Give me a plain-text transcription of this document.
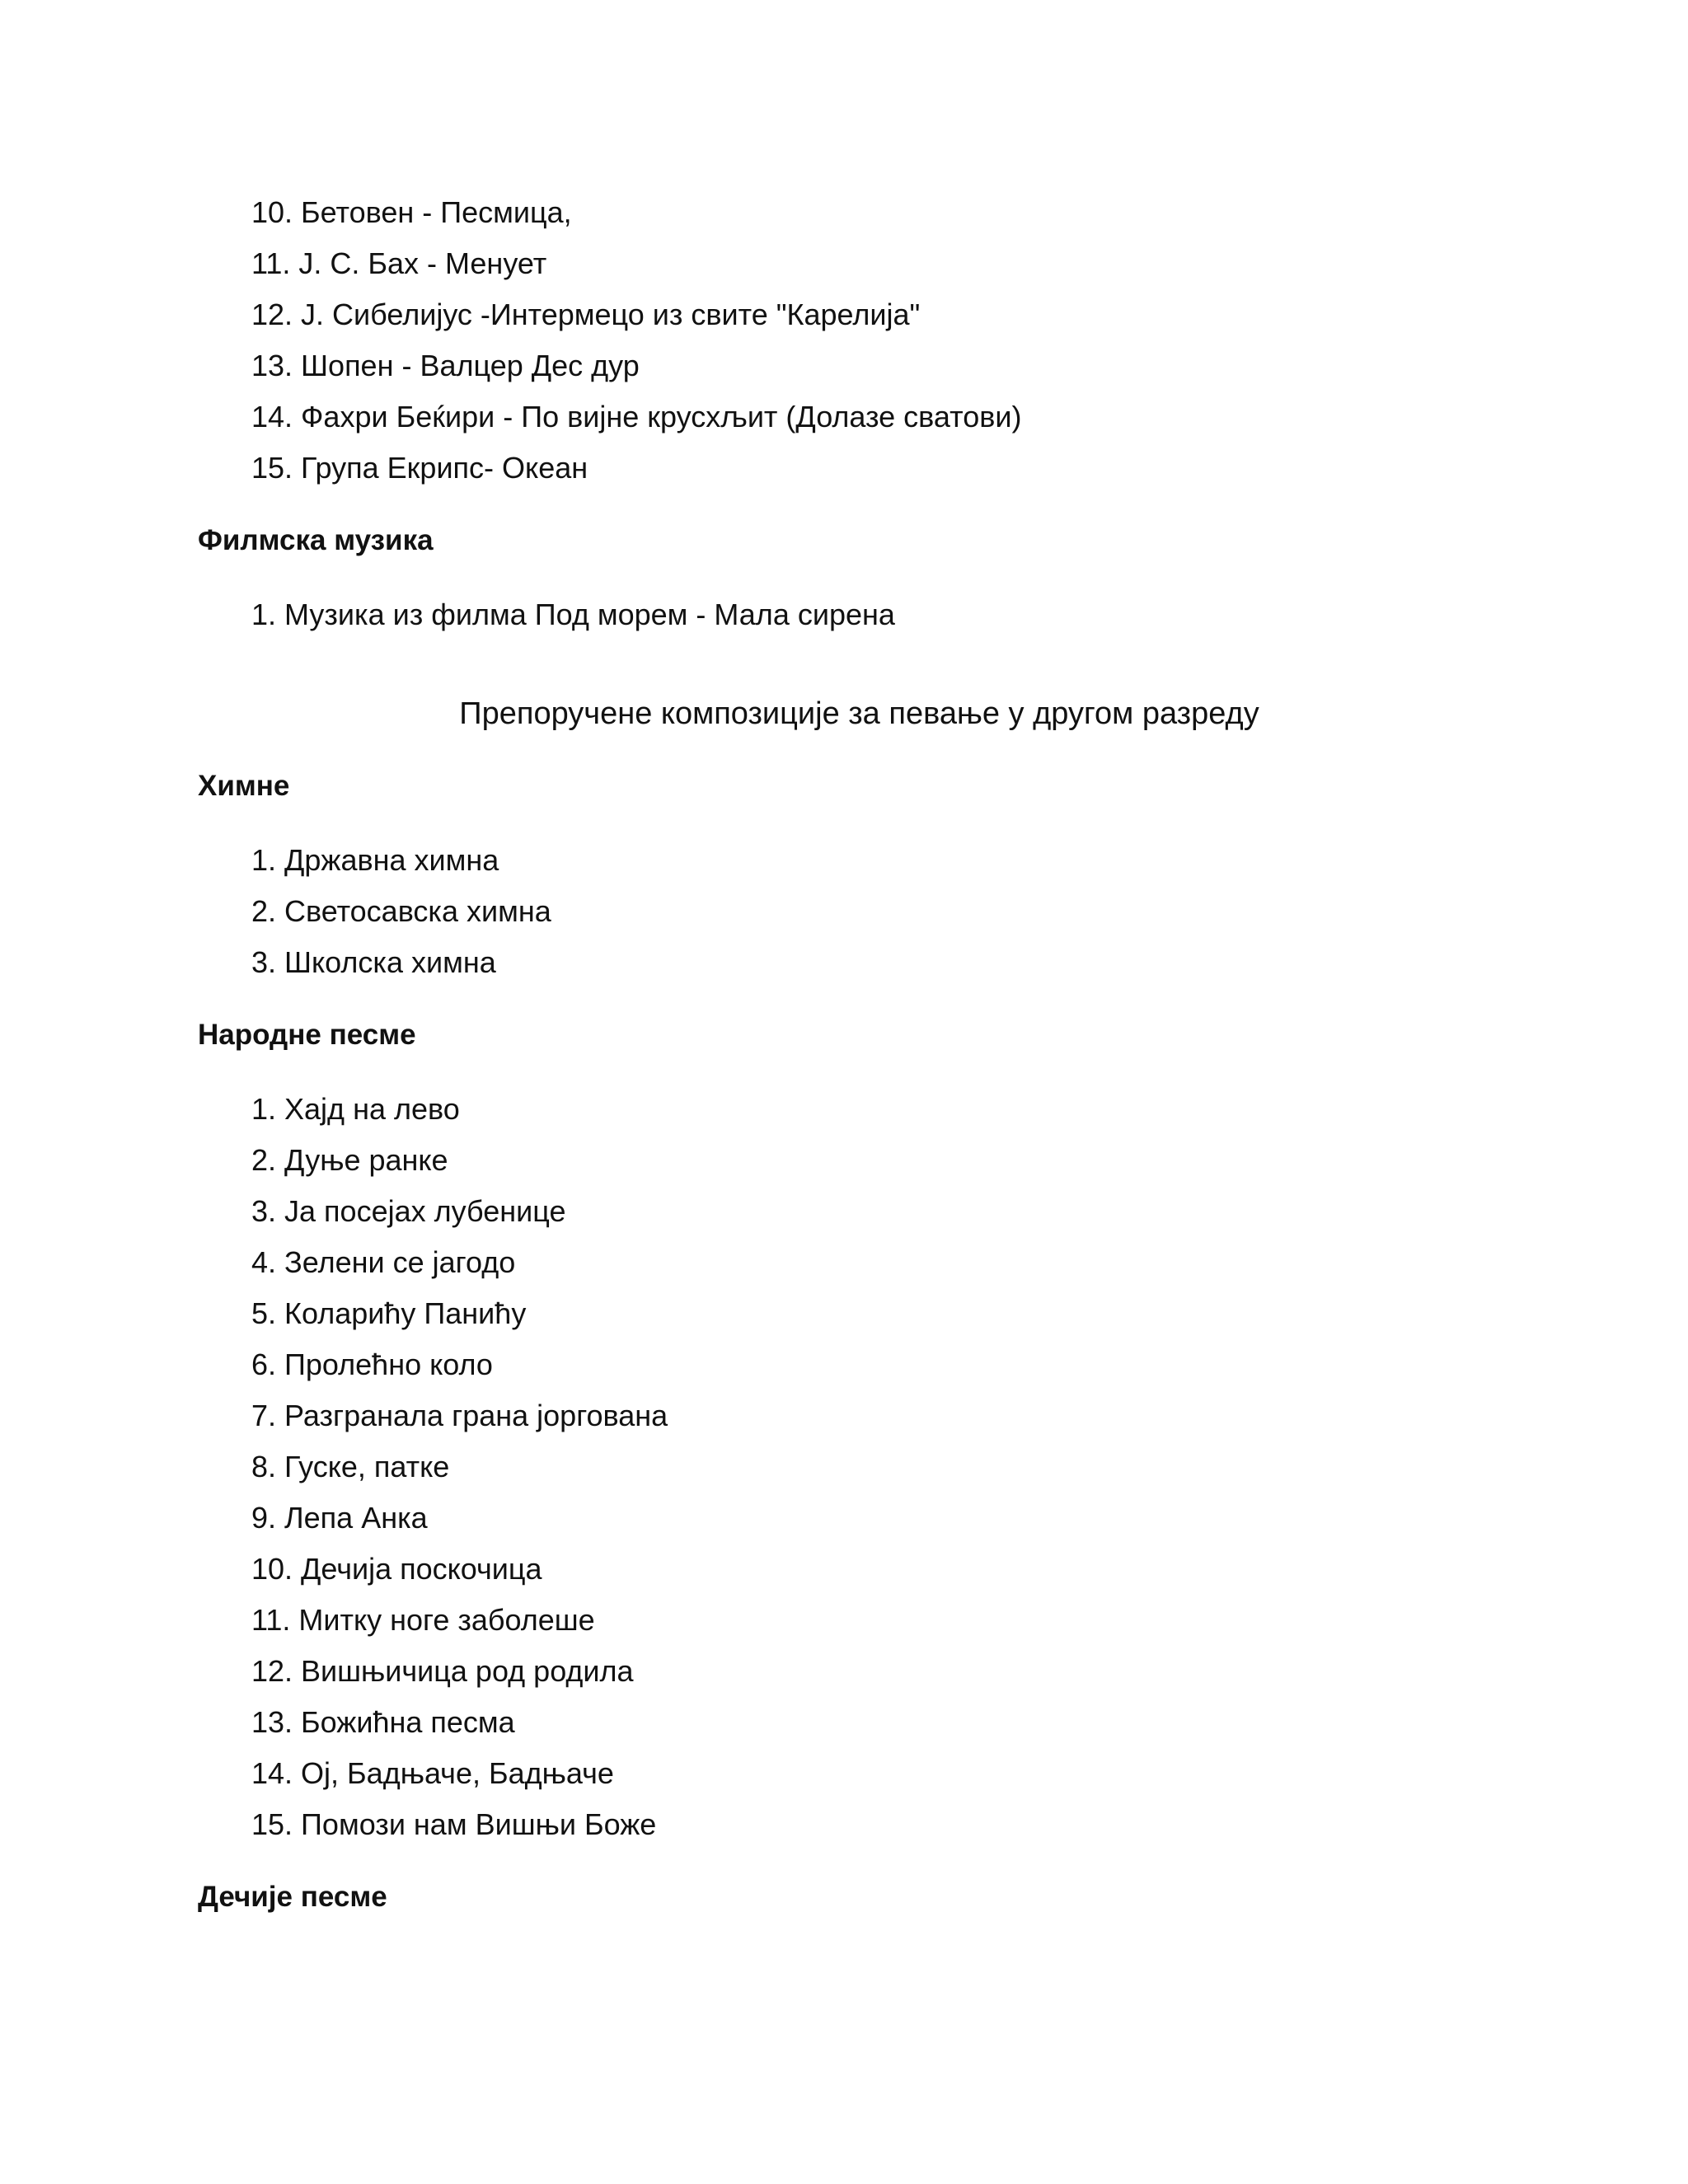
10. Бетовен - Песмица,
11. Ј. С. Бах - Менует
12. Ј. Сибелијус -Интермецо из свите "Карелија"
13. Шопен - Валцер Дес дур
14. Фахри Беќири - По вијне крусхљит (Долазе сватови)
15. Група Екрипс- Океан
Филмска музика
1. Музика из филма Под морем - Мала сирена
Препоручене композиције за певање у другом разреду
Химне
1. Државна химна
2. Светосавска химна
3. Школска химна
Народне песме
1. Хајд на лево
2. Дуње ранке
3. Ја посејах лубенице
4. Зелени се јагодо
5. Коларићу Панићу
6. Пролећно коло
7. Разгранала грана јоргована
8. Гуске, патке
9. Лепа Анка
10. Дечија поскочица
11. Митку ноге заболеше
12. Вишњичица род родила
13. Божићна песма
14. Ој, Бадњаче, Бадњаче
15. Помози нам Вишњи Боже
Дечије песме
